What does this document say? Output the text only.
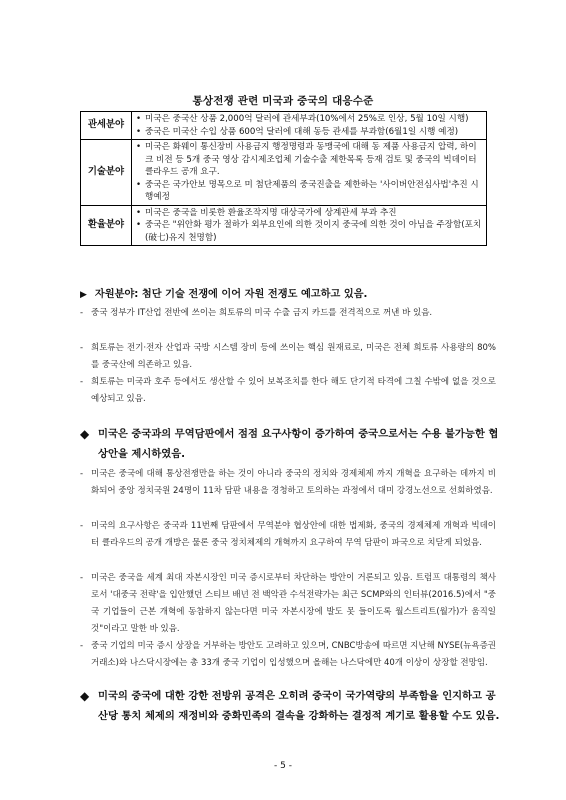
통상전쟁 관련 미국과 중국의 대응수준
관세분야	• 미국은 중국산 상품 2,000억 달러에 관세부과(10%에서 25%로 인상, 5월 10일 시행)
• 중국은 미국산 수입 상품 600억 달러에 대해 동등 관세를 부과함(6월1일 시행 예정)

기술분야	• 미국은 화웨이 통신장비 사용금지 행정명령과 동맹국에 대해 동 제품 사용금지 압력, 하이크 비전 등 5개 중국 영상 감시제조업체 기술수출 제한목록 등재 검토 및 중국의 빅데이터 클라우드 공개 요구.
• 중국은 국가안보 명목으로 미 첨단제품의 중국진출을 제한하는 '사이버안전심사법'추진 시행예정

환율분야	• 미국은 중국을 비롯한 환율조작지명 대상국가에 상계관세 부과 추진
• 중국은 "위안화 평가 절하가 외부요인에 의한 것이지 중국에 의한 것이 아님을 주장함(포치(破七)유지 천명함)
▶ 자원분야: 첨단 기술 전쟁에 이어 자원 전쟁도 예고하고 있음.
- 중국 정부가 IT산업 전반에 쓰이는 희토류의 미국 수출 금지 카드를 전격적으로 꺼낸 바 있음.
- 희토류는 전기·전자 산업과 국방 시스템 장비 등에 쓰이는 핵심 원재료로, 미국은 전체 희토류 사용량의 80%를 중국산에 의존하고 있음.
- 희토류는 미국과 호주 등에서도 생산할 수 있어 보복조치를 한다 해도 단기적 타격에 그칠 수밖에 없을 것으로 예상되고 있음.
◆ 미국은 중국과의 무역담판에서 점점 요구사항이 증가하여 중국으로서는 수용 불가능한 협상안을 제시하였음.
- 미국은 중국에 대해 통상전쟁만을 하는 것이 아니라 중국의 정치와 경제체제 까지 개혁을 요구하는 데까지 비화되어 중앙 정치국원 24명이 11차 담판 내용을 경청하고 토의하는 과정에서 대미 강경노선으로 선회하였음.
- 미국의 요구사항은 중국과 11번째 담판에서 무역분야 협상안에 대한 법제화, 중국의 경제체제 개혁과 빅데이터 클라우드의 공개 개방은 물론 중국 정치체제의 개혁까지 요구하여 무역 담판이 파국으로 치닫게 되었음.
- 미국은 중국을 세계 최대 자본시장인 미국 증시로부터 차단하는 방안이 거론되고 있음. 트럼프 대통령의 책사로서 '대중국 전략'을 입안했던 스티브 배넌 전 백악관 수석전략가는 최근 SCMP와의 인터뷰(2016.5)에서 "중국 기업들이 근본 개혁에 동참하지 않는다면 미국 자본시장에 발도 못 들이도록 월스트리트(월가)가 움직일 것"이라고 말한 바 있음.
- 중국 기업의 미국 증시 상장을 거부하는 방안도 고려하고 있으며, CNBC방송에 따르면 지난해 NYSE(뉴욕증권거래소)와 나스닥시장에는 총 33개 중국 기업이 입성했으며 올해는 나스닥에만 40개 이상이 상장할 전망임.
◆ 미국의 중국에 대한 강한 전방위 공격은 오히려 중국이 국가역량의 부족함을 인지하고 공산당 통치 체제의 재정비와 중화민족의 결속을 강화하는 결정적 계기로 활용할 수도 있음.
- 5 -
